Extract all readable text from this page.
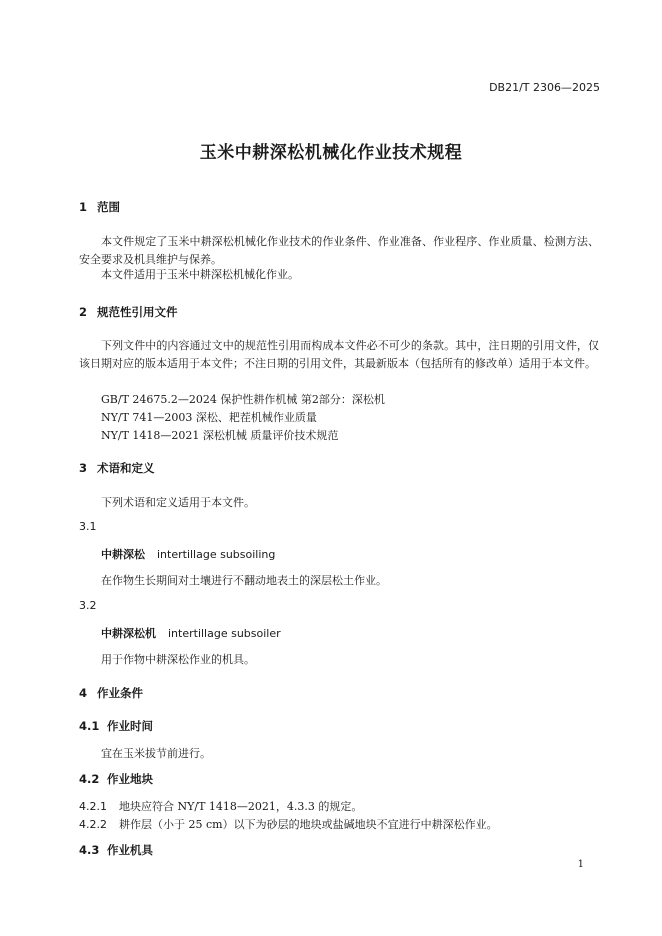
DB21/T 2306—2025
玉米中耕深松机械化作业技术规程
1 范围
本文件规定了玉米中耕深松机械化作业技术的作业条件、作业准备、作业程序、作业质量、检测方法、安全要求及机具维护与保养。
本文件适用于玉米中耕深松机械化作业。
2 规范性引用文件
下列文件中的内容通过文中的规范性引用而构成本文件必不可少的条款。其中，注日期的引用文件，仅该日期对应的版本适用于本文件；不注日期的引用文件，其最新版本（包括所有的修改单）适用于本文件。
GB/T 24675.2—2024 保护性耕作机械 第2部分：深松机
NY/T 741—2003 深松、耙茬机械作业质量
NY/T 1418—2021 深松机械 质量评价技术规范
3 术语和定义
下列术语和定义适用于本文件。
3.1
中耕深松 intertillage subsoiling
在作物生长期间对土壤进行不翻动地表土的深层松土作业。
3.2
中耕深松机 intertillage subsoiler
用于作物中耕深松作业的机具。
4 作业条件
4.1 作业时间
宜在玉米拔节前进行。
4.2 作业地块
4.2.1 地块应符合 NY/T 1418—2021，4.3.3 的规定。
4.2.2 耕作层（小于 25 cm）以下为砂层的地块或盐碱地块不宜进行中耕深松作业。
4.3 作业机具
1
